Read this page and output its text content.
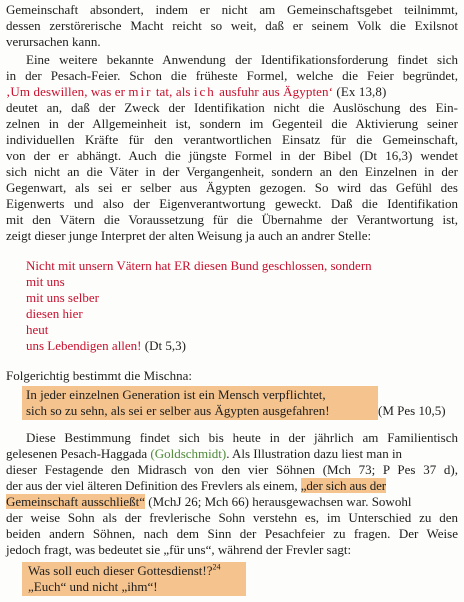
Gemeinschaft absondert, indem er nicht am Gemeinschaftsgebet teilnimmt,

dessen zerstörerische Macht reicht so weit, daß er seinem Volk die Exilsnot

verursachen kann.

Eine weitere bekannte Anwendung der Identifikationsforderung findet sich

in der Pesach-Feier. Schon die früheste Formel, welche die Feier begründet,

‚Um deswillen, was er mir tat, als ich ausfuhr aus Ägypten‘ (Ex 13,8)

deutet an, daß der Zweck der Identifikation nicht die Auslöschung des Ein-

zelnen in der Allgemeinheit ist, sondern im Gegenteil die Aktivierung seiner

individuellen Kräfte für den verantwortlichen Einsatz für die Gemeinschaft,

von der er abhängt. Auch die jüngste Formel in der Bibel (Dt 16,3) wendet

sich nicht an die Väter in der Vergangenheit, sondern an den Einzelnen in der

Gegenwart, als sei er selber aus Ägypten gezogen. So wird das Gefühl des

Eigenwerts und also der Eigenverantwortung geweckt. Daß die Identifikation

mit den Vätern die Voraussetzung für die Übernahme der Verantwortung ist,

zeigt dieser junge Interpret der alten Weisung ja auch an andrer Stelle:

Nicht mit unsern Vätern hat ER diesen Bund geschlossen, sondern

mit uns

mit uns selber

diesen hier

heut

uns Lebendigen allen! (Dt 5,3)

Folgerichtig bestimmt die Mischna:

In jeder einzelnen Generation ist ein Mensch verpflichtet,

sich so zu sehn, als sei er selber aus Ägypten ausgefahren!	(M Pes 10,5)

Diese Bestimmung findet sich bis heute in der jährlich am Familientisch

gelesenen Pesach-Haggada (Goldschmidt). Als Illustration dazu liest man in

dieser Festagende den Midrasch von den vier Söhnen (Mch 73; P Pes 37 d),

der aus der viel älteren Definition des Frevlers als einem, „der sich aus der

Gemeinschaft ausschließt“ (MchJ 26; Mch 66) herausgewachsen war. Sowohl

der weise Sohn als der frevlerische Sohn verstehn es, im Unterschied zu den

beiden andern Söhnen, nach dem Sinn der Pesachfeier zu fragen. Der Weise

jedoch fragt, was bedeutet sie „für uns“, während der Frevler sagt:

Was soll euch dieser Gottesdienst!?$^{24}$

„Euch“ und nicht „ihm“!
